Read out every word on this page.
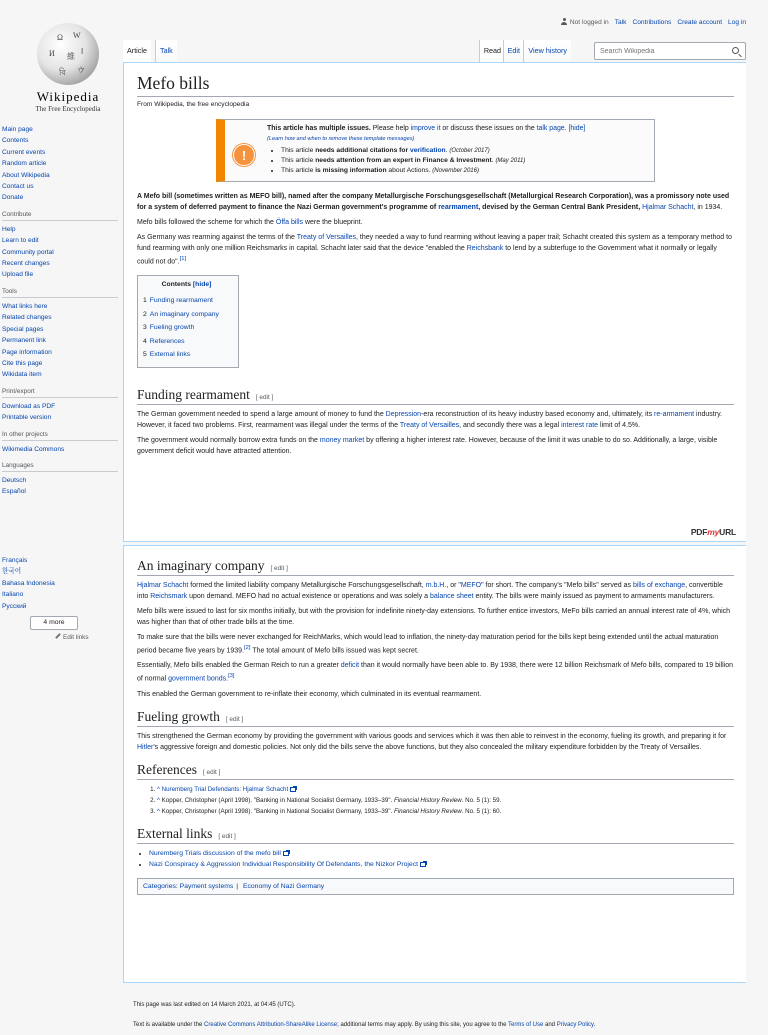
Not logged in Talk Contributions Create account Log in
Ω W
И 維
ا
বি ウ
Wikipedia
The Free Encyclopedia
Main page
Contents
Current events
Random article
About Wikipedia
Contact us
Donate
Contribute
Help
Learn to edit
Community portal
Recent changes
Upload file
Tools
What links here
Related changes
Special pages
Permanent link
Page information
Cite this page
Wikidata item
Print/export
Download as PDF
Printable version
In other projects
Wikimedia Commons
Languages
Deutsch
Español
Français
한국어
Bahasa Indonesia
Italiano
Русский
4 more
Edit links
Article	Talk	Read Edit	View history
Search Wikipedia
Mefo bills
From Wikipedia, the free encyclopedia
!
This article has multiple issues. Please help improve it or discuss these issues on the talk page. [hide]
(Learn how and when to remove these template messages)
• This article needs additional citations for verification. (October 2017)
• This article needs attention from an expert in Finance & Investment. (May 2011)
• This article is missing information about Actions. (November 2016)

A Mefo bill (sometimes written as MEFO bill), named after the company Metallurgische Forschungsgesellschaft (Metallurgical Research Corporation), was a promissory note used for a system of deferred payment to finance the Nazi German government's programme of rearmament, devised by the German Central Bank President, Hjalmar Schacht, in 1934.

Mefo bills followed the scheme for which the Öffa bills were the blueprint.

As Germany was rearming against the terms of the Treaty of Versailles, they needed a way to fund rearming without leaving a paper trail; Schacht created this system as a temporary method to fund rearming with only one million Reichsmarks in capital. Schacht later said that the device "enabled the Reichsbank to lend by a subterfuge to the Government what it normally or legally could not do".[1]

Contents [hide]
1 Funding rearmament
2 An imaginary company
3 Fueling growth
4 References
5 External links
Funding rearmament [ edit ]

The German government needed to spend a large amount of money to fund the Depression-era reconstruction of its heavy industry based economy and, ultimately, its re-armament industry. However, it faced two problems. First, rearmament was illegal under the terms of the Treaty of Versailles, and secondly there was a legal interest rate limit of 4.5%.

The government would normally borrow extra funds on the money market by offering a higher interest rate. However, because of the limit it was unable to do so. Additionally, a large, visible government deficit would have attracted attention.

PDFmyURL
An imaginary company [ edit ]

Hjalmar Schacht formed the limited liability company Metallurgische Forschungsgesellschaft, m.b.H., or "MEFO" for short. The company's "Mefo bills" served as bills of exchange, convertible into Reichsmark upon demand. MEFO had no actual existence or operations and was solely a balance sheet entity. The bills were mainly issued as payment to armaments manufacturers.

Mefo bills were issued to last for six months initially, but with the provision for indefinite ninety-day extensions. To further entice investors, MeFo bills carried an annual interest rate of 4%, which was higher than that of other trade bills at the time.

To make sure that the bills were never exchanged for ReichMarks, which would lead to inflation, the ninety-day maturation period for the bills kept being extended until the actual maturation period became five years by 1939.[2] The total amount of Mefo bills issued was kept secret.

Essentially, Mefo bills enabled the German Reich to run a greater deficit than it would normally have been able to. By 1938, there were 12 billion Reichsmark of Mefo bills, compared to 19 billion of normal government bonds.[3]

This enabled the German government to re-inflate their economy, which culminated in its eventual rearmament.

Fueling growth [ edit ]

This strengthened the German economy by providing the government with various goods and services which it was then able to reinvest in the economy, fueling its growth, and preparing it for Hitler's aggressive foreign and domestic policies. Not only did the bills serve the above functions, but they also concealed the military expenditure forbidden by the Treaty of Versailles.

References [ edit ]
1. ^ Nuremberg Trial Defendants: Hjalmar Schacht
2. ^ Kopper, Christopher (April 1998). "Banking in National Socialist Germany, 1933–39". Financial History Review. No. 5 (1): 59.
3. ^ Kopper, Christopher (April 1998). "Banking in National Socialist Germany, 1933–39". Financial History Review. No. 5 (1): 60.
External links [ edit ]
• Nuremberg Trials discussion of the mefo bill
• Nazi Conspiracy & Aggression Individual Responsibility Of Defendants, the Nizkor Project
Categories: Payment systems | Economy of Nazi Germany
This page was last edited on 14 March 2021, at 04:45 (UTC).
Text is available under the Creative Commons Attribution-ShareAlike License; additional terms may apply. By using this site, you agree to the Terms of Use and Privacy Policy.
